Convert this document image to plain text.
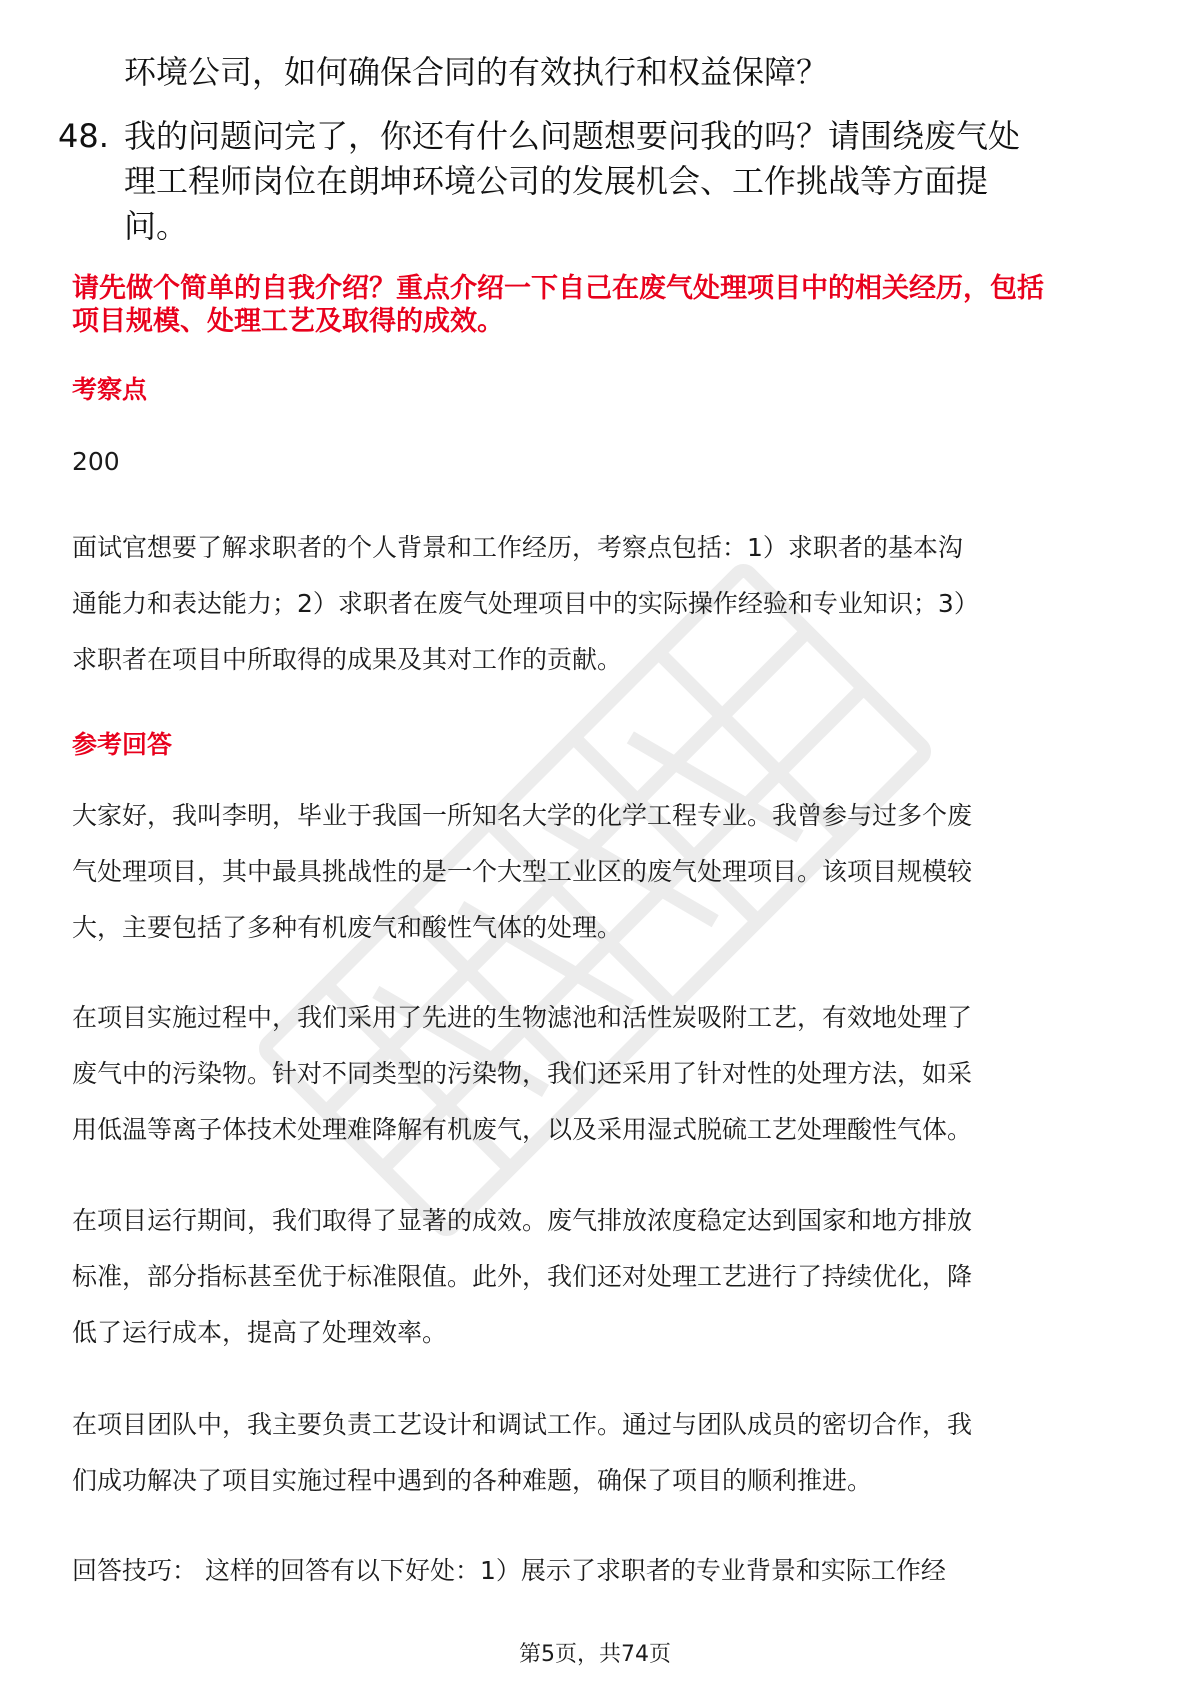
环境公司，如何确保合同的有效执行和权益保障？
48. 我的问题问完了，你还有什么问题想要问我的吗？请围绕废气处
理工程师岗位在朗坤环境公司的发展机会、工作挑战等方面提
问。
请先做个简单的自我介绍？重点介绍一下自己在废气处理项目中的相关经历，包括
项目规模、处理工艺及取得的成效。
考察点
200
面试官想要了解求职者的个人背景和工作经历，考察点包括：1）求职者的基本沟
通能力和表达能力；2）求职者在废气处理项目中的实际操作经验和专业知识；3）
求职者在项目中所取得的成果及其对工作的贡献。
参考回答
大家好，我叫李明，毕业于我国一所知名大学的化学工程专业。我曾参与过多个废
气处理项目，其中最具挑战性的是一个大型工业区的废气处理项目。该项目规模较
大，主要包括了多种有机废气和酸性气体的处理。
在项目实施过程中，我们采用了先进的生物滤池和活性炭吸附工艺，有效地处理了
废气中的污染物。针对不同类型的污染物，我们还采用了针对性的处理方法，如采
用低温等离子体技术处理难降解有机废气，以及采用湿式脱硫工艺处理酸性气体。
在项目运行期间，我们取得了显著的成效。废气排放浓度稳定达到国家和地方排放
标准，部分指标甚至优于标准限值。此外，我们还对处理工艺进行了持续优化，降
低了运行成本，提高了处理效率。
在项目团队中，我主要负责工艺设计和调试工作。通过与团队成员的密切合作，我
们成功解决了项目实施过程中遇到的各种难题，确保了项目的顺利推进。
回答技巧： 这样的回答有以下好处：1）展示了求职者的专业背景和实际工作经
第5页，共74页
